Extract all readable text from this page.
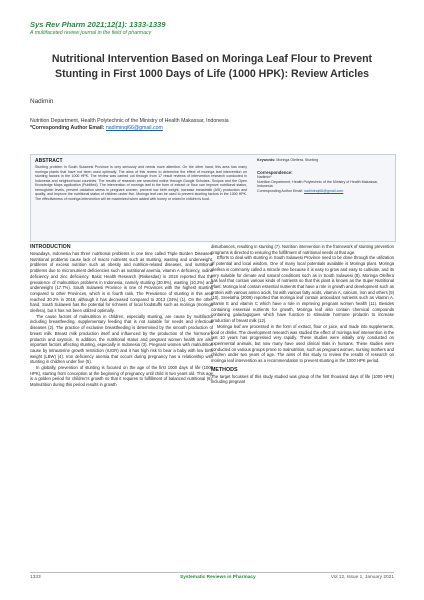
Sys Rev Pharm 2021;12(1): 1333-1339
A multifaceted review journal in the field of pharmacy
Nutritional Intervention Based on Moringa Leaf Flour to Prevent
Stunting in First 1000 Days of Life (1000 HPK): Review Articles
Nadimin
Nutrition Department, Health Polytechnic of the Ministry of Health Makassar, Indonesia
*Corresponding Author Email: nadiminqi66@gmail.com
ABSTRACT
Stunting problem in South Sulawesi Province is very seriously and needs more attention. On the other hand, this area has many moringa plants that have not been used optimally. The aims of this review to determine the effect of moringa leaf intervention on stunting factors in the 1000 HPK. The review was carried out through from 17 result reviews of intervention research conducted in Indonesia and neighborhood countries. The results of research are searched online through Google Scholars, Scopus and the Open Knowledge Maps application (PubMed). The intervention of moringa leaf in the form of extract or flour can improve nutritional status, hemoglobin levels, prevent oxidation stress in pregnant women, prevent low birth weight, increase breastmilk (ASI) production and quality, and improve the nutritional status of children under five. Moringa leaf can be used to prevent stunting factors in the 1000 HPK. The effectiveness of moringa intervention will be maximized when added with honey or mixed in children's food.
Keywords: Moringa Oleifera, Stunting
Correspondence:
Nadimin*
Nutrition Department, Health Polytechnic of the Ministry of Health Makassar, Indonesia
Corresponding Author Email: nadiminqi66@gmail.com
INTRODUCTION

Nowadays, Indonesia has three nutritional problems in one time called Triple Burden Diseases. Nutritional problems cause lack of macro nutrients such as stunting, wasting and underweight, problems of excess nutrition such as obesity and nutrition-related diseases, and nutritional problems due to micronutrient deficiencies such as nutritional anemia, vitamin A deficiency, iodine deficiency and zinc deficiency. Basic Health Research (Riskesdas) in 2018 reported that the prevalence of malnutrition problems in Indonesia, namely stunting (30.8%), wasting (10.2%) and underweight (17.7%). South Sulawesi Province is one of Provinces with the highest stunting compared to other Provinces, which is in fourth rank. The Prevalence of stunting in this area reached 30.2% in 2018, although it has decreased compared to 2013 (34%) (1). On the other hand, South Sulawesi has the potential for richness of local foodstuffs such as moringa (moringa oleifera), but it has not been utilized optimally.

The cause factors of malnutrition in children, especially stunting, are cause by multifactor including breastfeeding, supplementary feeding that is not suitable for needs and infectious diseases (2). The practice of exclusive breastfeeding is determined by the smooth production of breast milk. Breast milk production itself and influenced by the production of the hormone's prolactin and oxytocin. In addition, the nutritional status and pregnant women health are also important factors affecting stunting, especially in Indonesia (3). Pregnant women with malnutrition cause by Intrauterine growth restriction (IUGR) and it has high risk to bear a baby with low birth weight (LBW) (4). Iron deficiency anemia that occurs during pregnancy has a relationship with stunting in children under five (5).

In globally, prevention of stunting is focused on the age of the first 1000 days of life (1000 HPK), starting from conception at the beginning of pregnancy until child in two years old. This age is a golden period for children's growth so that it requires to fulfillment of balanced nutritional (6). Malnutrition during this period results in growth

disturbances, resulting in stunting (7). Nutrition intervention in the framework of stunting prevention programs is directed to ensuring the fulfillment of nutritional needs at that age.

Efforts to deal with stunting in South Sulawesi Province need to be done through the utilization of potential and local wisdom. One of many local potentials available is Moringa plant. Moringa oleifera is commonly called a miracle tree because it is easy to grow and easy to cultivate, and its very suitable for climate and natural conditions such as in South Sulawesi (8). Moringa Oleifera has leaf that contain various kinds of nutrients so that this plant is known as the Super Nutritional Plant. Moringa leaf contain essential nutrients that have a role in growth and development such as protein with various amino acids, fat with various fatty acids, vitamin A, calcium, iron and others (9) (10). Sreelatha (2009) reported that moringa leaf contain antioxidant nutrients such as vitamin A, vitamin E and vitamin C which have a role in improving pregnant women health (11). Besides containing essential nutrients for growth, Moringa leaf also contain chemical compounds containing galactagogues which have function to stimulate hormone prolactin to increase production of breast milk (12).

Moringa leaf are processed in the form of extract, flour or juice, and made into supplements, food or drinks. The development research was studied the effect of moringa leaf intervention in the last 10 years has progressed very rapidly. These studies were initially only conducted on experimental animals, but now many have used clinical trials in humans. These studies were conducted on various groups prone to malnutrition, such as pregnant women, nursing mothers and children under two years of age. The aims of this study to review the results of research on moringa leaf intervention as a recommendation to prevent stunting in the 1000 HPK period.

METHODS

The target focusses of this study studied was group of the first thousand days of life (1000 HPK) including pregnant

1333	Systematic Reviews in Pharmacy	Vol 12, Issue 1, January 2021
